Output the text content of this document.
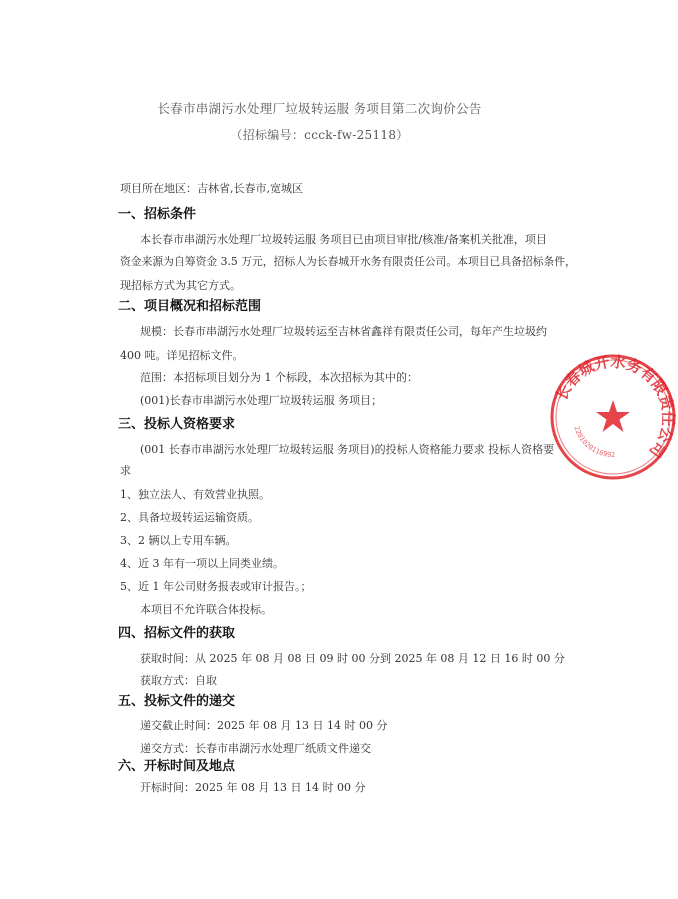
长春市串湖污水处理厂垃圾转运服 务项目第二次询价公告
（招标编号：ccck-fw-25118）
项目所在地区：吉林省,长春市,宽城区
一、招标条件
本长春市串湖污水处理厂垃圾转运服 务项目已由项目审批/核准/备案机关批准，项目
资金来源为自筹资金 3.5 万元，招标人为长春城开水务有限责任公司。本项目已具备招标条件，
现招标方式为其它方式。
二、项目概况和招标范围
规模：长春市串湖污水处理厂垃圾转运至吉林省鑫祥有限责任公司，每年产生垃圾约
400 吨。详见招标文件。
范围：本招标项目划分为 1 个标段，本次招标为其中的：
(001)长春市串湖污水处理厂垃圾转运服 务项目；
三、投标人资格要求
(001 长春市串湖污水处理厂垃圾转运服 务项目)的投标人资格能力要求 投标人资格要
求
1、独立法人、有效营业执照。
2、具备垃圾转运运输资质。
3、2 辆以上专用车辆。
4、近 3 年有一项以上同类业绩。
5、近 1 年公司财务报表或审计报告。；
本项目不允许联合体投标。
四、招标文件的获取
获取时间：从 2025 年 08 月 08 日 09 时 00 分到 2025 年 08 月 12 日 16 时 00 分
获取方式：自取
五、投标文件的递交
递交截止时间：2025 年 08 月 13 日 14 时 00 分
递交方式：长春市串湖污水处理厂纸质文件递交
六、开标时间及地点
开标时间：2025 年 08 月 13 日 14 时 00 分
长春城开水务有限责任公司
2201020116992
